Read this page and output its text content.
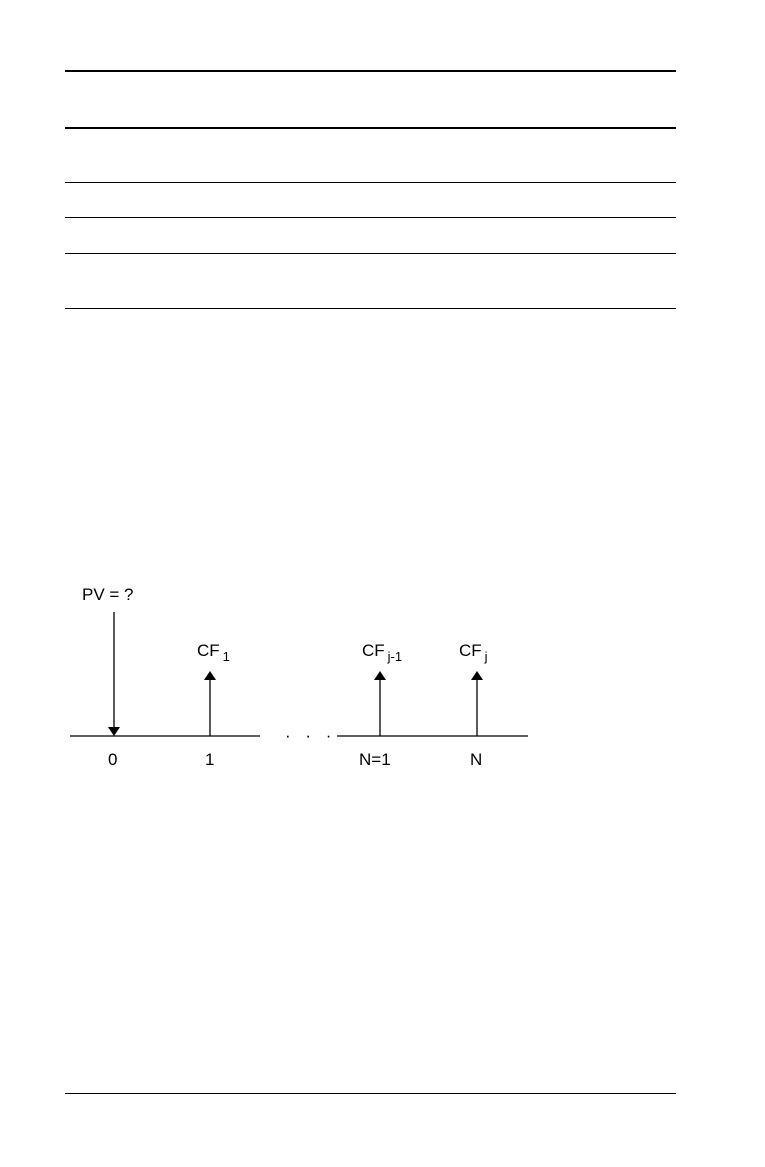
PV = ?
CF $_1$	CF $_{j-1}$	CF $_j$
· · ·
0	1	N=1	N
